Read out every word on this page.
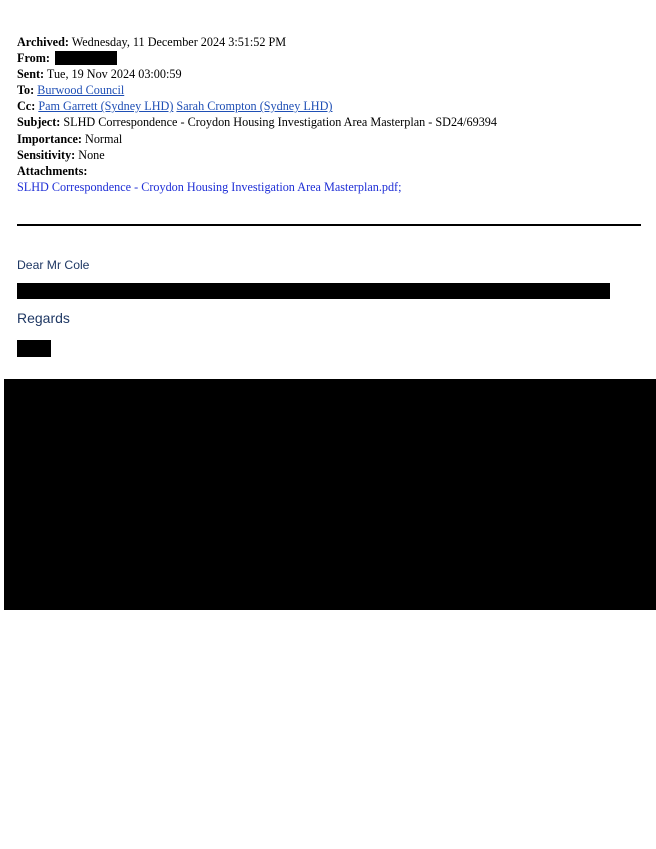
Archived: Wednesday, 11 December 2024 3:51:52 PM
From:
Sent: Tue, 19 Nov 2024 03:00:59
To: Burwood Council
Cc: Pam Garrett (Sydney LHD) Sarah Crompton (Sydney LHD)
Subject: SLHD Correspondence - Croydon Housing Investigation Area Masterplan - SD24/69394
Importance: Normal
Sensitivity: None
Attachments:
SLHD Correspondence - Croydon Housing Investigation Area Masterplan.pdf;
Dear Mr Cole
Regards
